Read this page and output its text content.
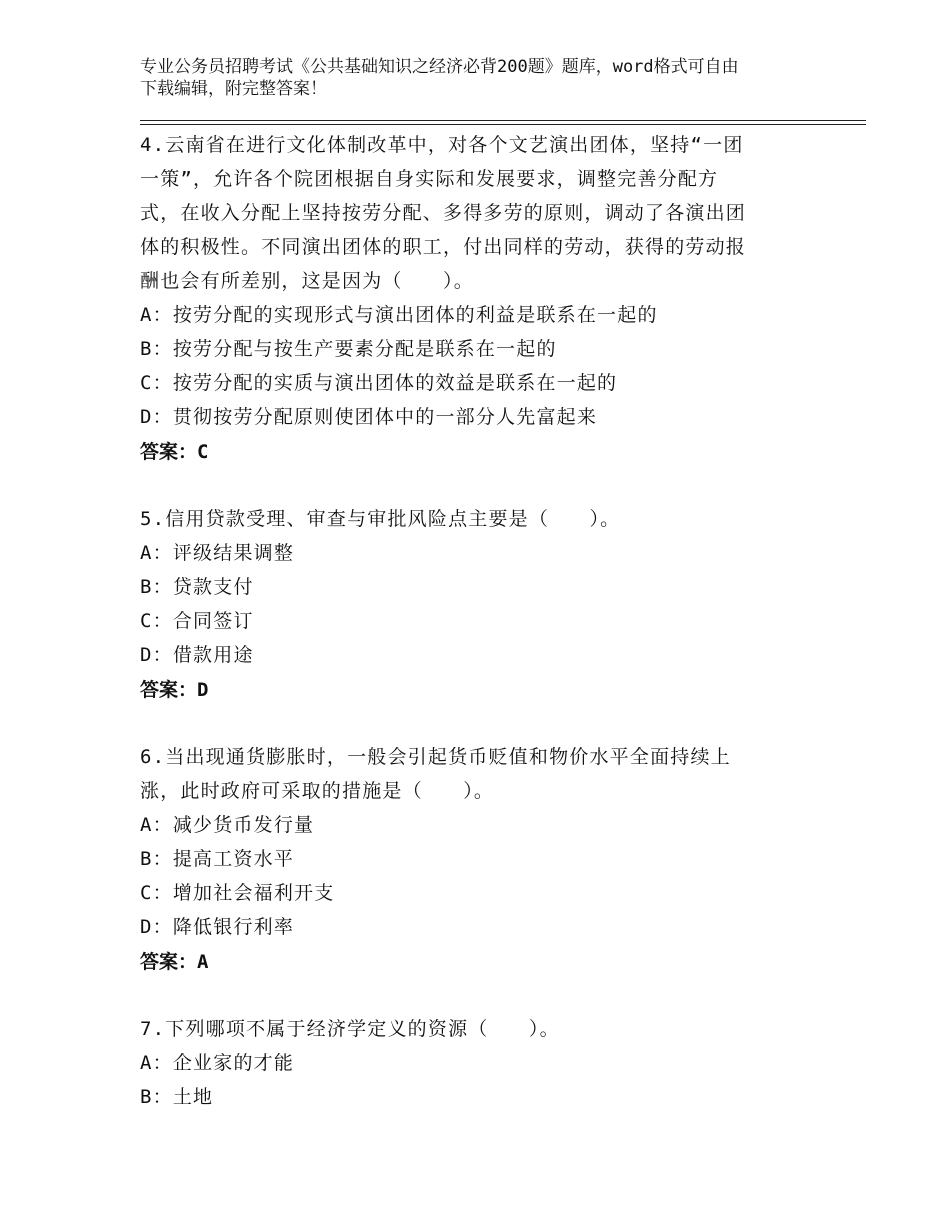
专业公务员招聘考试《公共基础知识之经济必背200题》题库，word格式可自由
下载编辑，附完整答案！
4.云南省在进行文化体制改革中，对各个文艺演出团体，坚持“一团
一策”，允许各个院团根据自身实际和发展要求，调整完善分配方
式，在收入分配上坚持按劳分配、多得多劳的原则，调动了各演出团
体的积极性。不同演出团体的职工，付出同样的劳动，获得的劳动报
酬也会有所差别，这是因为（　　）。
A：按劳分配的实现形式与演出团体的利益是联系在一起的
B：按劳分配与按生产要素分配是联系在一起的
C：按劳分配的实质与演出团体的效益是联系在一起的
D：贯彻按劳分配原则使团体中的一部分人先富起来
答案：C
5.信用贷款受理、审查与审批风险点主要是（　　）。
A：评级结果调整
B：贷款支付
C：合同签订
D：借款用途
答案：D
6.当出现通货膨胀时，一般会引起货币贬值和物价水平全面持续上
涨，此时政府可采取的措施是（　　）。
A：减少货币发行量
B：提高工资水平
C：增加社会福利开支
D：降低银行利率
答案：A
7.下列哪项不属于经济学定义的资源（　　）。
A：企业家的才能
B：土地
